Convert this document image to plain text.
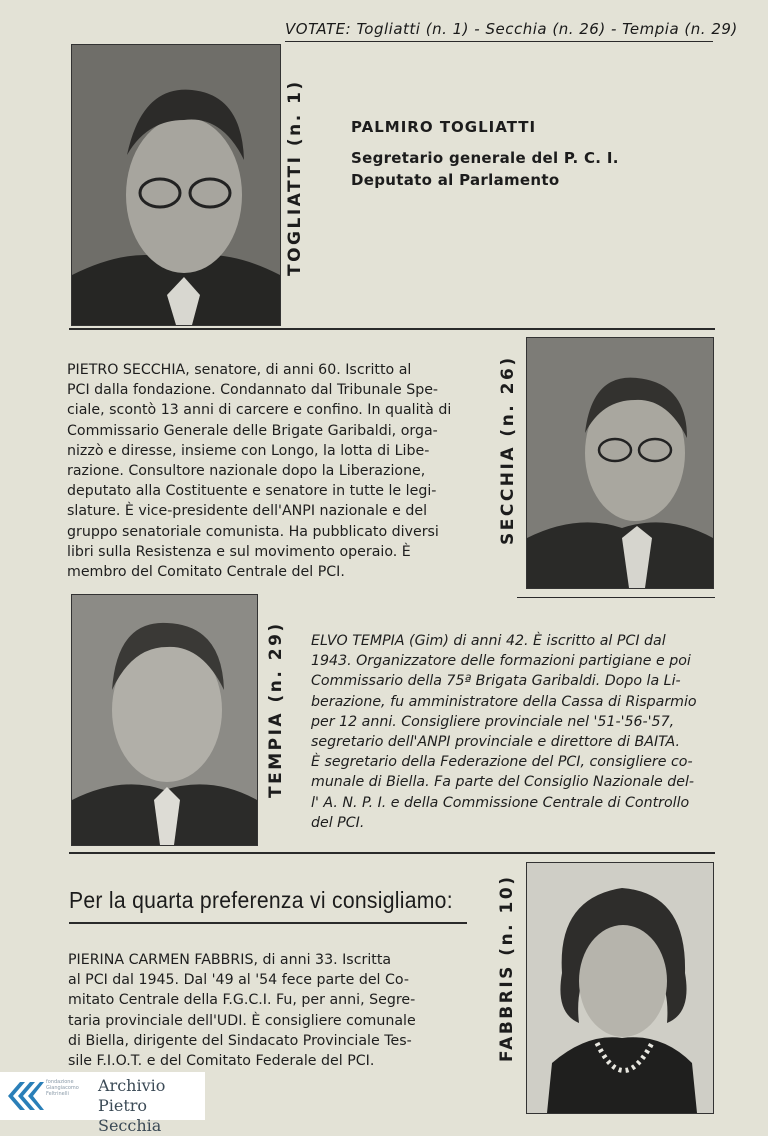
VOTATE: Togliatti (n. 1) - Secchia (n. 26) - Tempia (n. 29)
TOGLIATTI (n. 1)	PALMIRO TOGLIATTI
Segretario generale del P. C. I.
Deputato al Parlamento
PIETRO SECCHIA, senatore, di anni 60. Iscritto al
PCI dalla fondazione. Condannato dal Tribunale Spe-
ciale, scontò 13 anni di carcere e confino. In qualità di
Commissario Generale delle Brigate Garibaldi, orga-
nizzò e diresse, insieme con Longo, la lotta di Libe-
razione. Consultore nazionale dopo la Liberazione,
deputato alla Costituente e senatore in tutte le legi-
slature. È vice-presidente dell'ANPI nazionale e del
gruppo senatoriale comunista. Ha pubblicato diversi
libri sulla Resistenza e sul movimento operaio. È
membro del Comitato Centrale del PCI.
SECCHIA (n. 26)
TEMPIA (n. 29) ELVO TEMPIA (Gim) di anni 42. È iscritto al PCI dal
1943. Organizzatore delle formazioni partigiane e poi
Commissario della 75ª Brigata Garibaldi. Dopo la Li-
berazione, fu amministratore della Cassa di Risparmio
per 12 anni. Consigliere provinciale nel '51-'56-'57,
segretario dell'ANPI provinciale e direttore di BAITA.
È segretario della Federazione del PCI, consigliere co-
munale di Biella. Fa parte del Consiglio Nazionale del-
l' A. N. P. I. e della Commissione Centrale di Controllo
del PCI.
Per la quarta preferenza vi consigliamo:
PIERINA CARMEN FABBRIS, di anni 33. Iscritta
al PCI dal 1945. Dal '49 al '54 fece parte del Co-
mitato Centrale della F.G.C.I. Fu, per anni, Segre-
taria provinciale dell'UDI. È consigliere comunale
di Biella, dirigente del Sindacato Provinciale Tes-
sile F.I.O.T. e del Comitato Federale del PCI.	FABBRIS (n. 10)
fondazione Giangiacomo Feltrinelli	Archivio
Pietro Secchia
